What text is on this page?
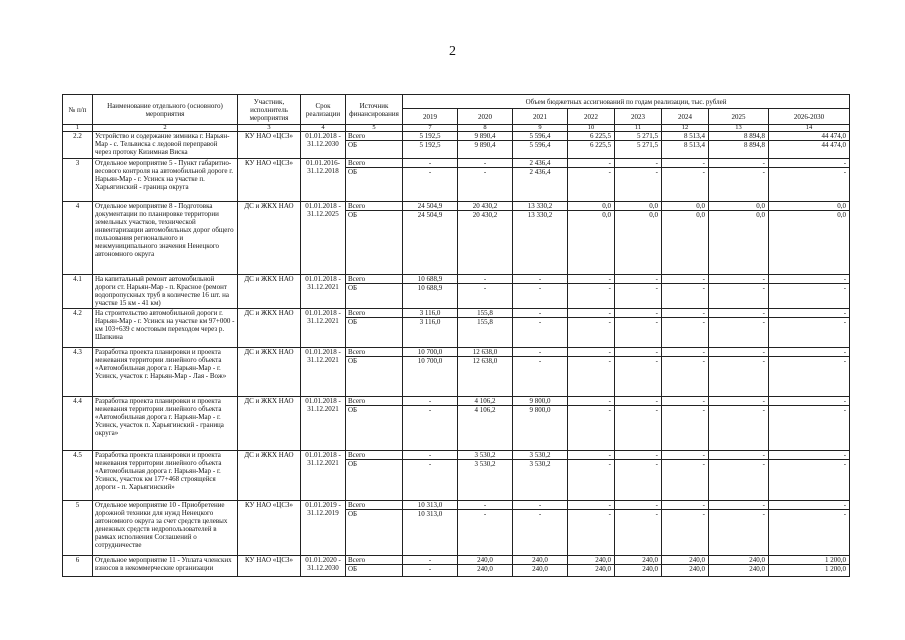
2
№ п/п	Наименование отдельного (основного) мероприятия	Участник, исполнитель мероприятия	Срок реализации	Источник финансирования	Объем бюджетных ассигнований по годам реализации, тыс. рублей							
					2019	2020	2021	2022	2023	2024	2025	2026-2030
1	2	3	4	5	7	8	9	10	11	12	13	14
2.2	Устройство и содержание зимника г. Нарьян-Мар - с. Тельвиска с ледовой переправой через протоку Кизимная Виска	КУ НАО «ЦСЗ»	01.01.2018 - 31.12.2030	Всего	5 192,5	9 890,4	5 596,4	6 225,5	5 271,5	8 513,4	8 894,8	44 474,0
				ОБ	5 192,5	9 890,4	5 596,4	6 225,5	5 271,5	8 513,4	8 894,8	44 474,0
3	Отдельное мероприятие 5 - Пункт габаритно-весового контроля на автомобильной дороге г. Нарьян-Мар - г. Усинск на участке п. Харьягинский - граница округа	КУ НАО «ЦСЗ»	01.01.2016- 31.12.2018	Всего	-	-	2 436,4	-	-	-	-	-
				ОБ	-	-	2 436,4	-	-	-	-	-
4	Отдельное мероприятие 8 - Подготовка документации по планировке территории земельных участков, технической инвентаризации автомобильных дорог общего пользования регионального и межмуниципального значения Ненецкого автономного округа	ДС и ЖКХ НАО	01.01.2018 - 31.12.2025	Всего	24 504,9	20 430,2	13 330,2	0,0	0,0	0,0	0,0	0,0
				ОБ	24 504,9	20 430,2	13 330,2	0,0	0,0	0,0	0,0	0,0
4.1	На капитальный ремонт автомобильной дороги ст. Нарьян-Мар - п. Красное (ремонт водопропускных труб в количестве 16 шт. на участке 15 км - 41 км)	ДС и ЖКХ НАО	01.01.2018 - 31.12.2021	Всего	10 688,9	-	-	-	-	-	-	-
				ОБ	10 688,9	-	-	-	-	-	-	-
4.2	На строительство автомобильной дороги г. Нарьян-Мар - г. Усинск на участке км 97+000 - км 103+639 с мостовым переходом через р. Шапкина	ДС и ЖКХ НАО	01.01.2018 - 31.12.2021	Всего	3 116,0	155,8	-	-	-	-	-	-
				ОБ	3 116,0	155,8	-	-	-	-	-	-
4.3	Разработка проекта планировки и проекта межевания территории линейного объекта «Автомобильная дорога г. Нарьян-Мар - г. Усинск, участок г. Нарьян-Мар - Лая - Вож»	ДС и ЖКХ НАО	01.01.2018 - 31.12.2021	Всего	10 700,0	12 638,0	-	-	-	-	-	-
				ОБ	10 700,0	12 638,0	-	-	-	-	-	-
4.4	Разработка проекта планировки и проекта межевания территории линейного объекта «Автомобильная дорога г. Нарьян-Мар - г. Усинск, участок п. Харьягинский - граница округа»	ДС и ЖКХ НАО	01.01.2018 - 31.12.2021	Всего	-	4 106,2	9 800,0	-	-	-	-	-
				ОБ	-	4 106,2	9 800,0	-	-	-	-	-
4.5	Разработка проекта планировки и проекта межевания территории линейного объекта «Автомобильная дорога г. Нарьян-Мар - г. Усинск, участок км 177+468 строящейся дороги - п. Харьягинский»	ДС и ЖКХ НАО	01.01.2018 - 31.12.2021	Всего	-	3 530,2	3 530,2	-	-	-	-	-
				ОБ	-	3 530,2	3 530,2	-	-	-	-	-
5	Отдельное мероприятие 10 - Приобретение дорожной техники для нужд Ненецкого автономного округа за счет средств целевых денежных средств недропользователей в рамках исполнения Соглашений о сотрудничестве	КУ НАО «ЦСЗ»	01.01.2019 - 31.12.2019	Всего	10 313,0	-	-	-	-	-	-	-
				ОБ	10 313,0	-	-	-	-	-	-	-
6	Отдельное мероприятие 11 - Уплата членских взносов в некоммерческие организации	КУ НАО «ЦСЗ»	01.01.2020 - 31.12.2030	Всего	-	240,0	240,0	240,0	240,0	240,0	240,0	1 200,0
				ОБ	-	240,0	240,0	240,0	240,0	240,0	240,0	1 200,0
